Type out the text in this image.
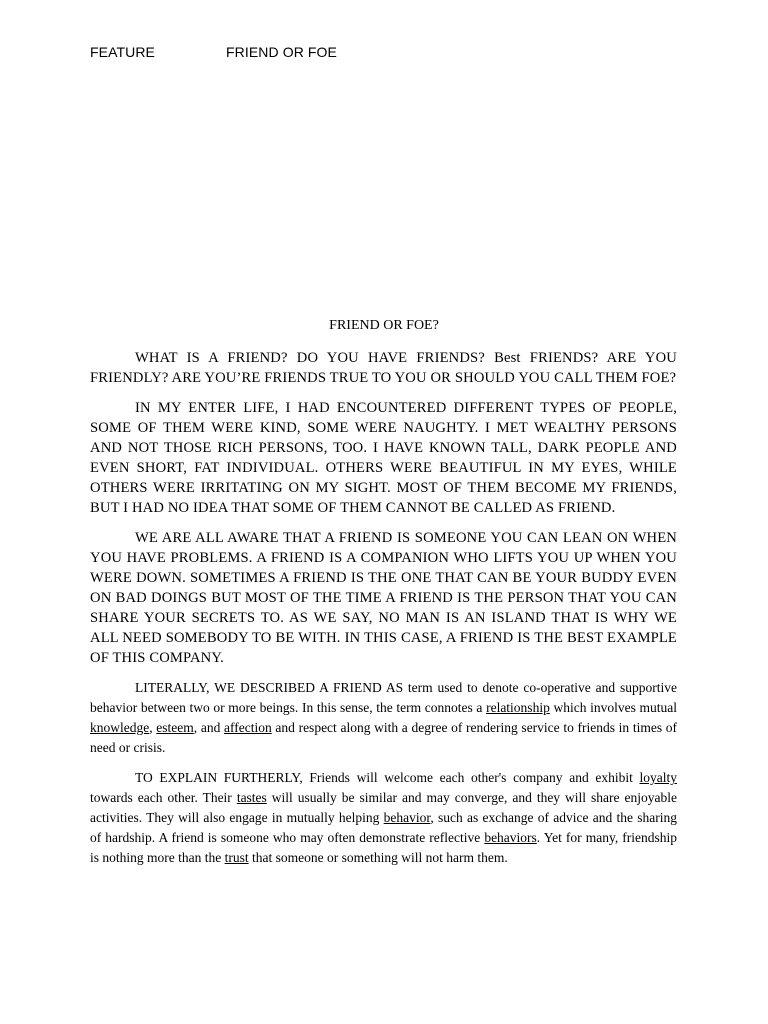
FEATURE	FRIEND OR FOE
FRIEND OR FOE?

WHAT IS A FRIEND? DO YOU HAVE FRIENDS? Best FRIENDS? ARE YOU FRIENDLY? ARE YOU’RE FRIENDS TRUE TO YOU OR SHOULD YOU CALL THEM FOE?

IN MY ENTER LIFE, I HAD ENCOUNTERED DIFFERENT TYPES OF PEOPLE, SOME OF THEM WERE KIND, SOME WERE NAUGHTY. I MET WEALTHY PERSONS AND NOT THOSE RICH PERSONS, TOO. I HAVE KNOWN TALL, DARK PEOPLE AND EVEN SHORT, FAT INDIVIDUAL. OTHERS WERE BEAUTIFUL IN MY EYES, WHILE OTHERS WERE IRRITATING ON MY SIGHT. MOST OF THEM BECOME MY FRIENDS, BUT I HAD NO IDEA THAT SOME OF THEM CANNOT BE CALLED AS FRIEND.

WE ARE ALL AWARE THAT A FRIEND IS SOMEONE YOU CAN LEAN ON WHEN YOU HAVE PROBLEMS. A FRIEND IS A COMPANION WHO LIFTS YOU UP WHEN YOU WERE DOWN. SOMETIMES A FRIEND IS THE ONE THAT CAN BE YOUR BUDDY EVEN ON BAD DOINGS BUT MOST OF THE TIME A FRIEND IS THE PERSON THAT YOU CAN SHARE YOUR SECRETS TO. AS WE SAY, NO MAN IS AN ISLAND THAT IS WHY WE ALL NEED SOMEBODY TO BE WITH. IN THIS CASE, A FRIEND IS THE BEST EXAMPLE OF THIS COMPANY.

LITERALLY, WE DESCRIBED A FRIEND AS term used to denote co-operative and supportive behavior between two or more beings. In this sense, the term connotes a relationship which involves mutual knowledge, esteem, and affection and respect along with a degree of rendering service to friends in times of need or crisis.

TO EXPLAIN FURTHERLY, Friends will welcome each other's company and exhibit loyalty towards each other. Their tastes will usually be similar and may converge, and they will share enjoyable activities. They will also engage in mutually helping behavior, such as exchange of advice and the sharing of hardship. A friend is someone who may often demonstrate reflective behaviors. Yet for many, friendship is nothing more than the trust that someone or something will not harm them.
